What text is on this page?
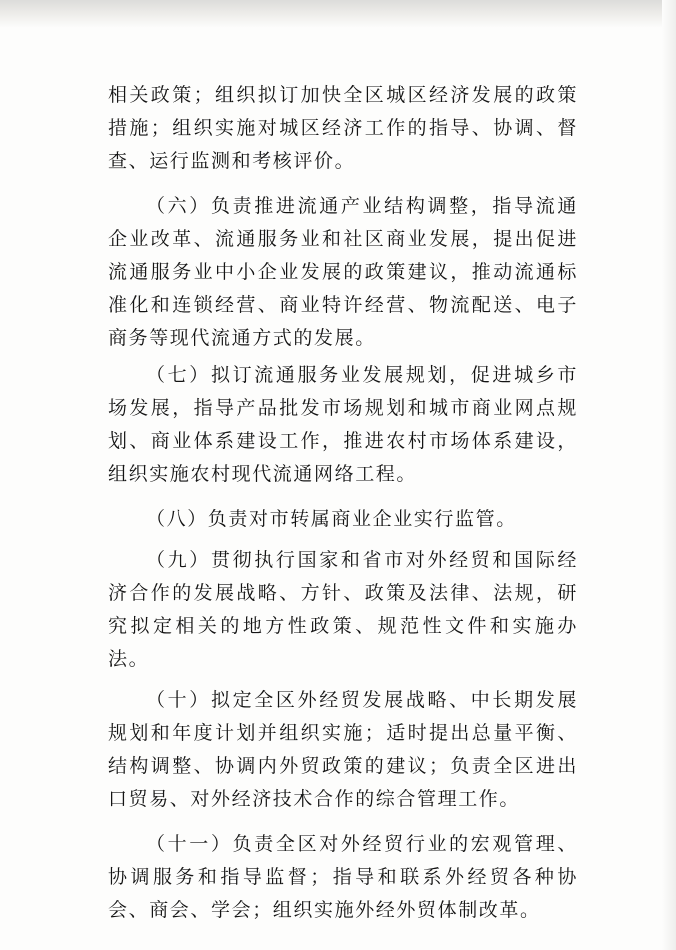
相关政策；组织拟订加快全区城区经济发展的政策措施；组织实施对城区经济工作的指导、协调、督查、运行监测和考核评价。

（六）负责推进流通产业结构调整，指导流通企业改革、流通服务业和社区商业发展，提出促进流通服务业中小企业发展的政策建议，推动流通标准化和连锁经营、商业特许经营、物流配送、电子商务等现代流通方式的发展。

（七）拟订流通服务业发展规划，促进城乡市场发展，指导产品批发市场规划和城市商业网点规划、商业体系建设工作，推进农村市场体系建设，组织实施农村现代流通网络工程。

（八）负责对市转属商业企业实行监管。

（九）贯彻执行国家和省市对外经贸和国际经济合作的发展战略、方针、政策及法律、法规，研究拟定相关的地方性政策、规范性文件和实施办法。

（十）拟定全区外经贸发展战略、中长期发展规划和年度计划并组织实施；适时提出总量平衡、结构调整、协调内外贸政策的建议；负责全区进出口贸易、对外经济技术合作的综合管理工作。

（十一）负责全区对外经贸行业的宏观管理、协调服务和指导监督；指导和联系外经贸各种协会、商会、学会；组织实施外经外贸体制改革。
